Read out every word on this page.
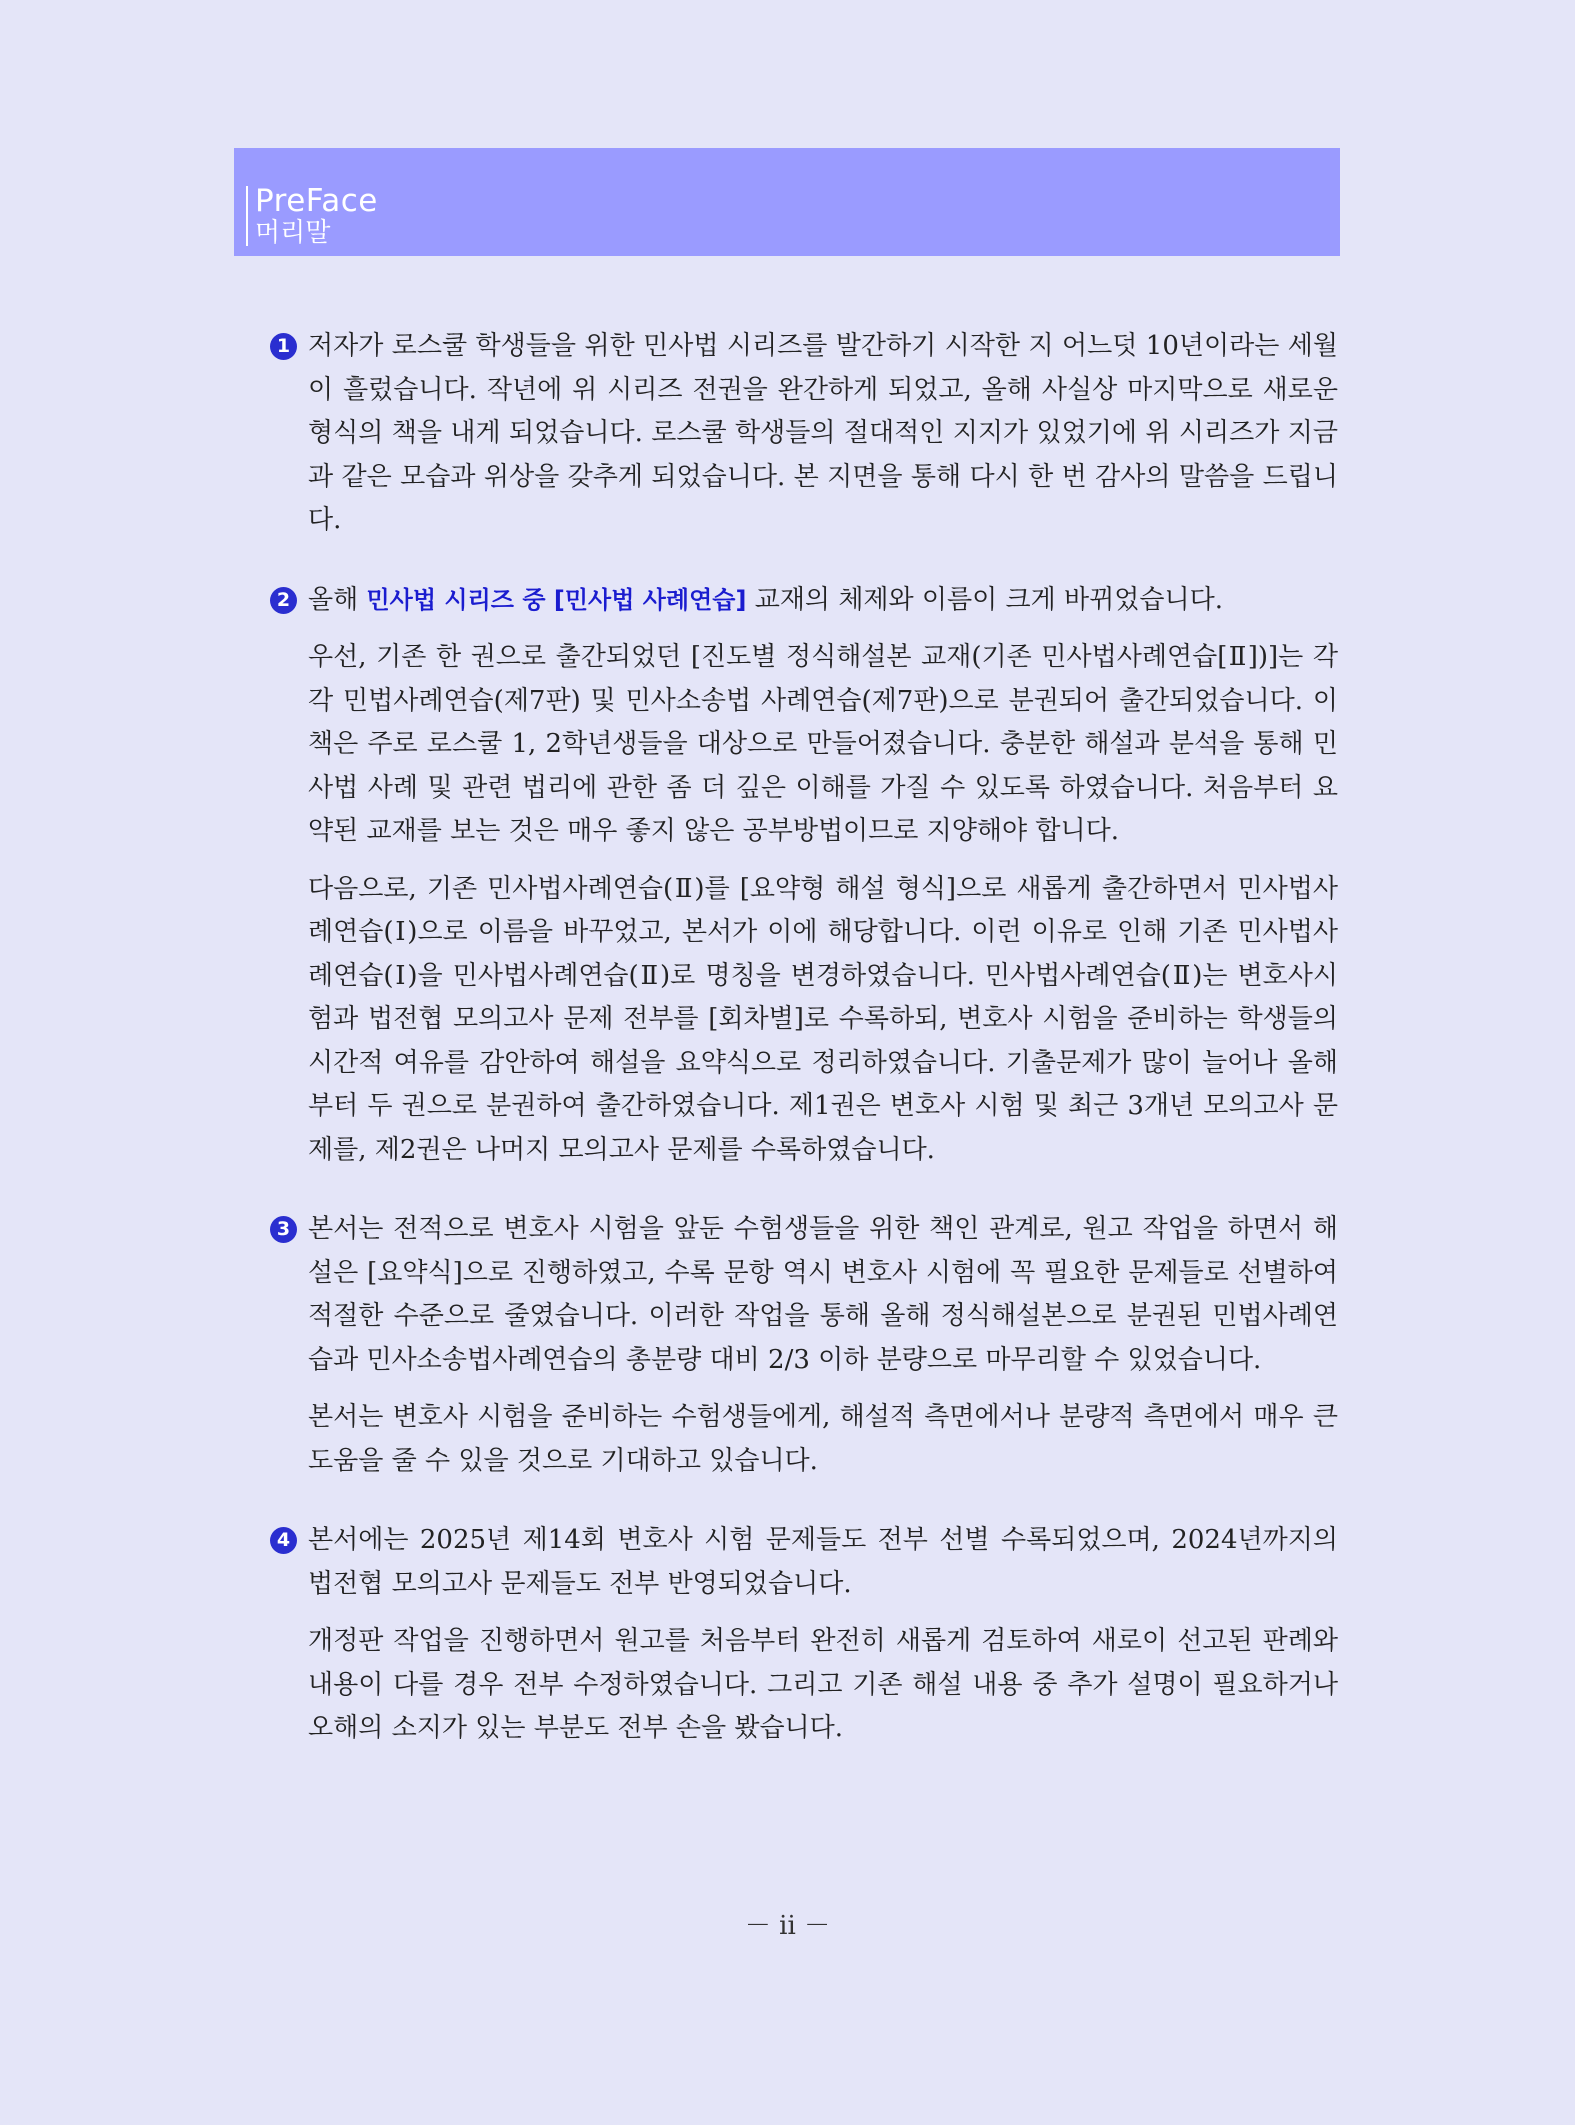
PreFace
머리말
1 저자가 로스쿨 학생들을 위한 민사법 시리즈를 발간하기 시작한 지 어느덧 10년이라는 세월이 흘렀습니다. 작년에 위 시리즈 전권을 완간하게 되었고, 올해 사실상 마지막으로 새로운 형식의 책을 내게 되었습니다. 로스쿨 학생들의 절대적인 지지가 있었기에 위 시리즈가 지금과 같은 모습과 위상을 갖추게 되었습니다. 본 지면을 통해 다시 한 번 감사의 말씀을 드립니다.

2 올해 민사법 시리즈 중 [민사법 사례연습] 교재의 체제와 이름이 크게 바뀌었습니다.

우선, 기존 한 권으로 출간되었던 [진도별 정식해설본 교재(기존 민사법사례연습[Ⅱ])]는 각각 민법사례연습(제7판) 및 민사소송법 사례연습(제7판)으로 분권되어 출간되었습니다. 이 책은 주로 로스쿨 1, 2학년생들을 대상으로 만들어졌습니다. 충분한 해설과 분석을 통해 민사법 사례 및 관련 법리에 관한 좀 더 깊은 이해를 가질 수 있도록 하였습니다. 처음부터 요약된 교재를 보는 것은 매우 좋지 않은 공부방법이므로 지양해야 합니다.

다음으로, 기존 민사법사례연습(Ⅱ)를 [요약형 해설 형식]으로 새롭게 출간하면서 민사법사례연습(Ⅰ)으로 이름을 바꾸었고, 본서가 이에 해당합니다. 이런 이유로 인해 기존 민사법사례연습(Ⅰ)을 민사법사례연습(Ⅱ)로 명칭을 변경하였습니다. 민사법사례연습(Ⅱ)는 변호사시험과 법전협 모의고사 문제 전부를 [회차별]로 수록하되, 변호사 시험을 준비하는 학생들의 시간적 여유를 감안하여 해설을 요약식으로 정리하였습니다. 기출문제가 많이 늘어나 올해부터 두 권으로 분권하여 출간하였습니다. 제1권은 변호사 시험 및 최근 3개년 모의고사 문제를, 제2권은 나머지 모의고사 문제를 수록하였습니다.

3 본서는 전적으로 변호사 시험을 앞둔 수험생들을 위한 책인 관계로, 원고 작업을 하면서 해설은 [요약식]으로 진행하였고, 수록 문항 역시 변호사 시험에 꼭 필요한 문제들로 선별하여 적절한 수준으로 줄였습니다. 이러한 작업을 통해 올해 정식해설본으로 분권된 민법사례연습과 민사소송법사례연습의 총분량 대비 2/3 이하 분량으로 마무리할 수 있었습니다.

본서는 변호사 시험을 준비하는 수험생들에게, 해설적 측면에서나 분량적 측면에서 매우 큰 도움을 줄 수 있을 것으로 기대하고 있습니다.

4 본서에는 2025년 제14회 변호사 시험 문제들도 전부 선별 수록되었으며, 2024년까지의 법전협 모의고사 문제들도 전부 반영되었습니다.

개정판 작업을 진행하면서 원고를 처음부터 완전히 새롭게 검토하여 새로이 선고된 판례와 내용이 다를 경우 전부 수정하였습니다. 그리고 기존 해설 내용 중 추가 설명이 필요하거나 오해의 소지가 있는 부분도 전부 손을 봤습니다.

－ ii －
